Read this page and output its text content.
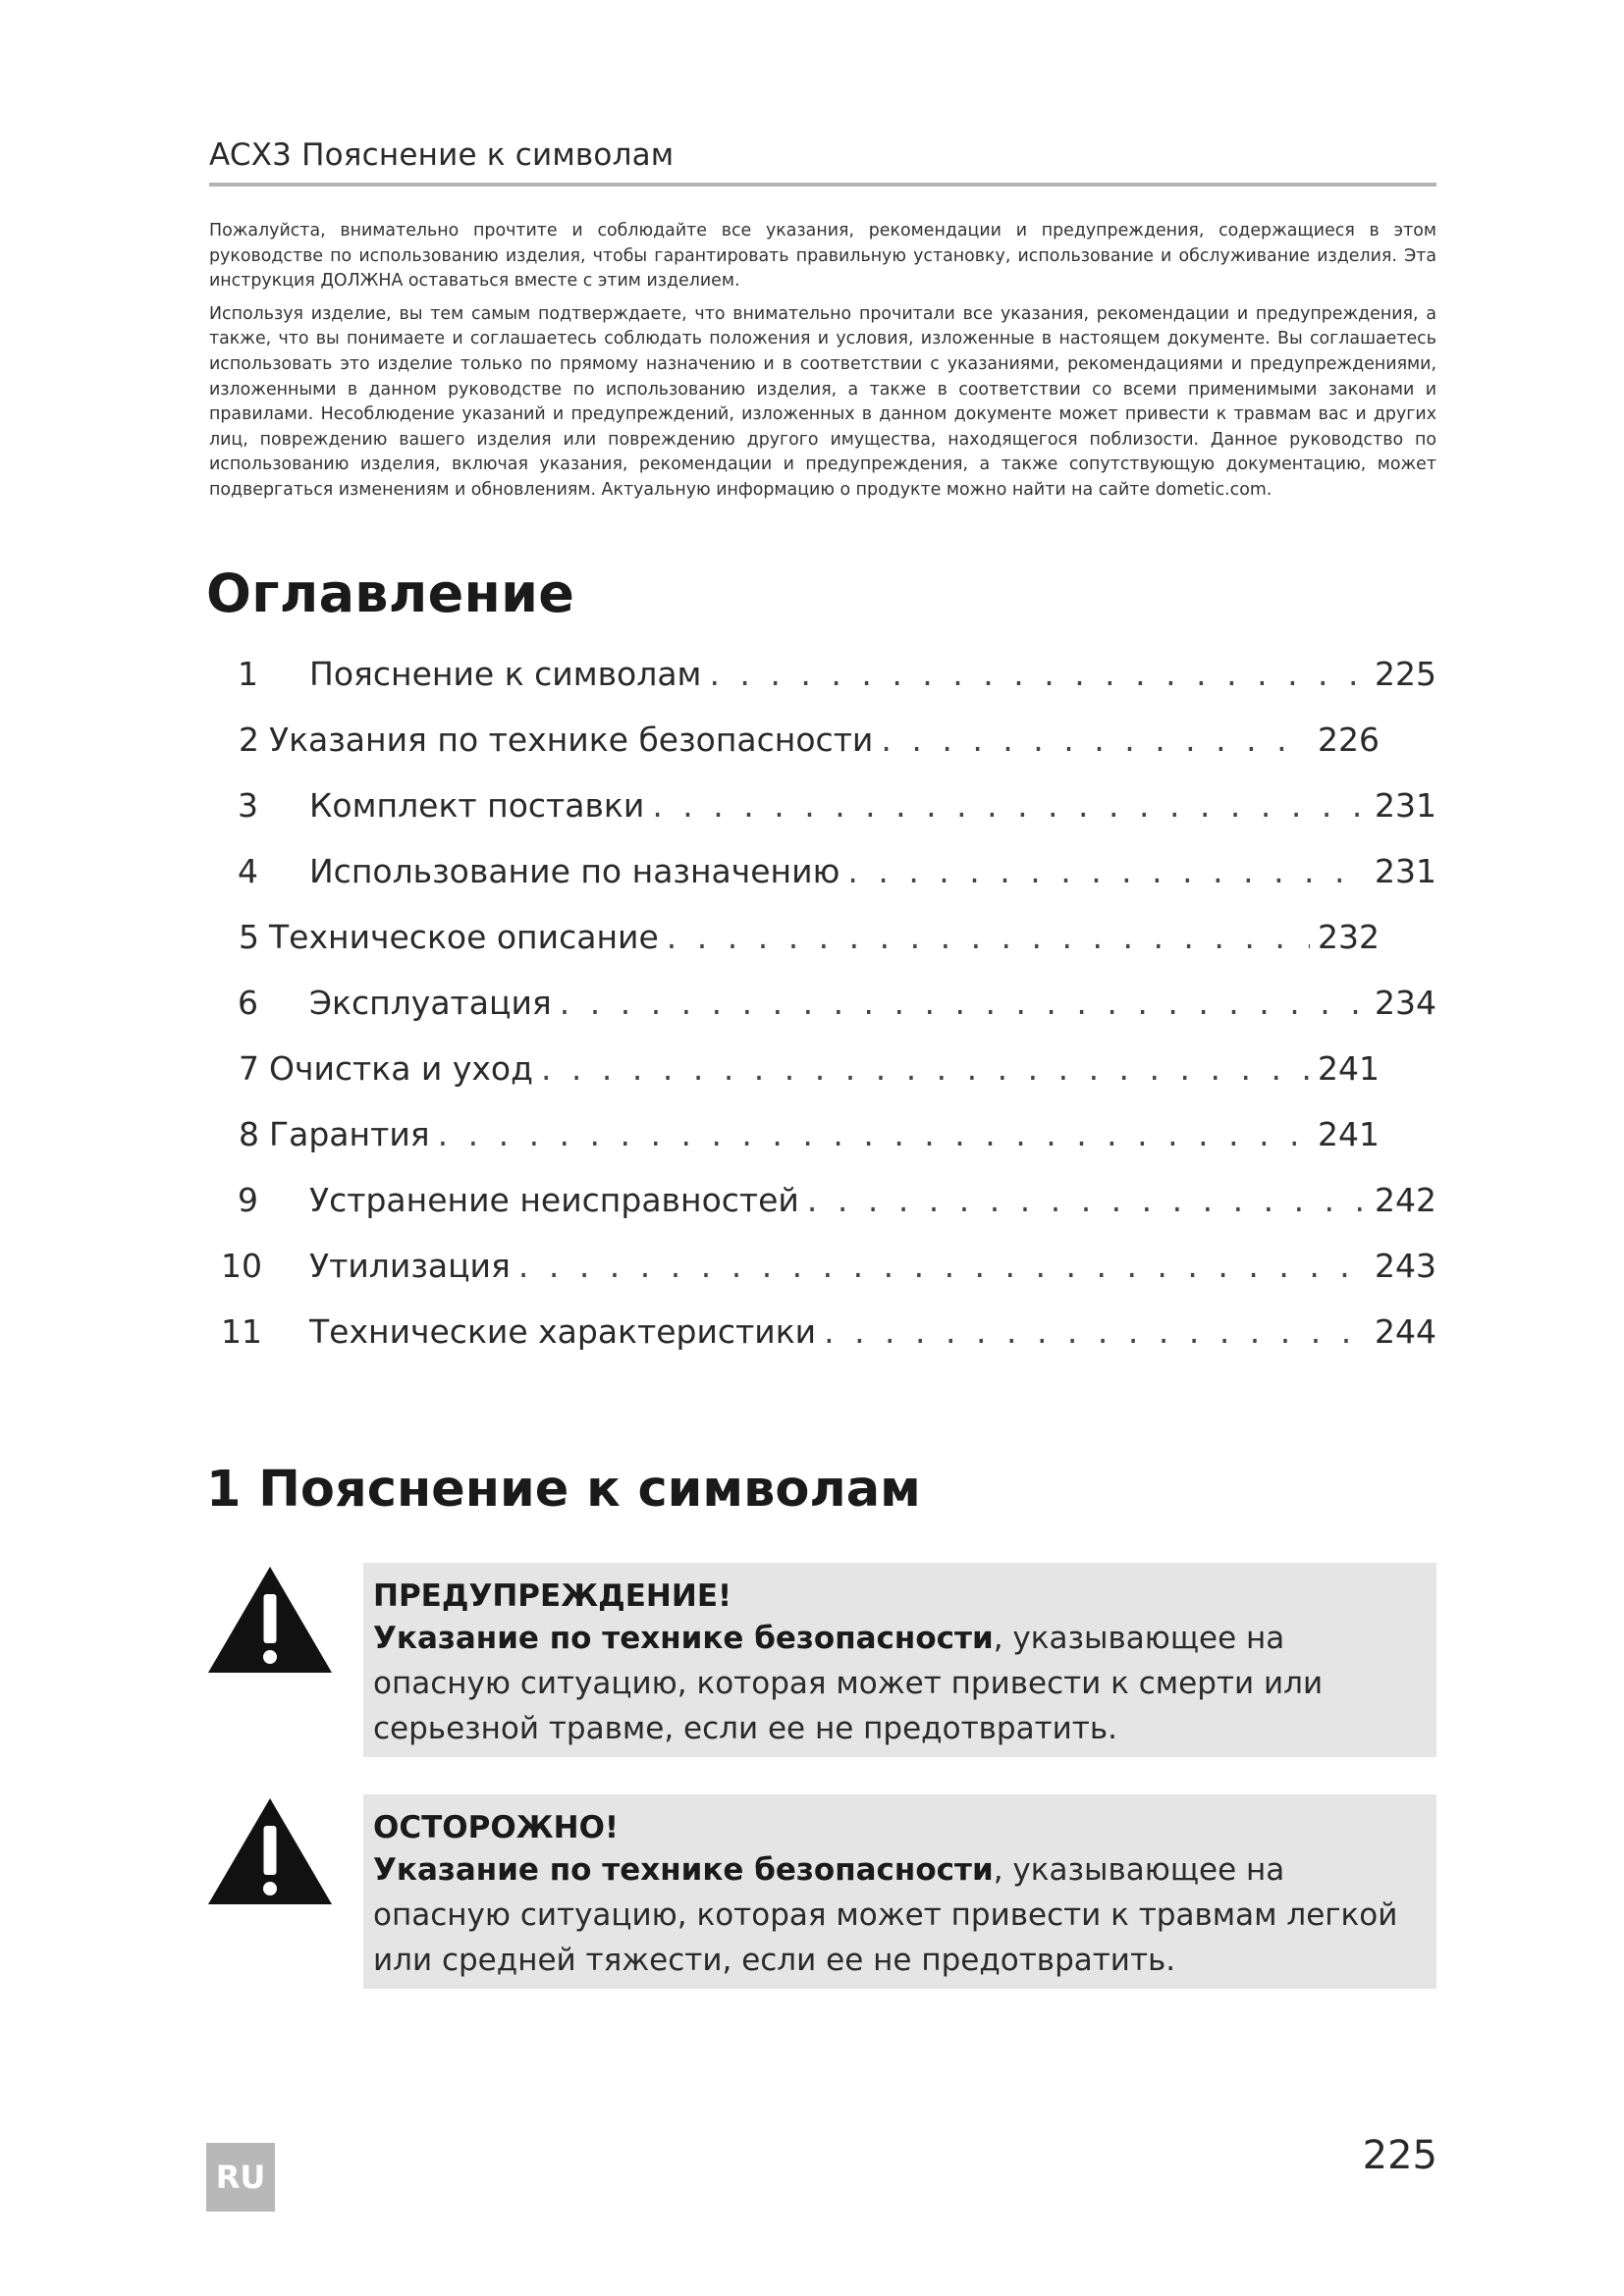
ACX3 Пояснение к символам

Пожалуйста, внимательно прочтите и соблюдайте все указания, рекомендации и предупреждения, содержащиеся в этом руководстве по использованию изделия, чтобы гарантировать правильную установку, использование и обслуживание изделия. Эта инструкция ДОЛЖНА оставаться вместе с этим изделием.

Используя изделие, вы тем самым подтверждаете, что внимательно прочитали все указания, рекомендации и предупреждения, а также, что вы понимаете и соглашаетесь соблюдать положения и условия, изложенные в настоящем документе. Вы соглашаетесь использовать это изделие только по прямому назначению и в соответствии с указаниями, рекомендациями и предупреждениями, изложенными в данном руководстве по использованию изделия, а также в соответствии со всеми применимыми законами и правилами. Несоблюдение указаний и предупреждений, изложенных в данном документе может привести к травмам вас и других лиц, повреждению вашего изделия или повреждению другого имущества, находящегося поблизости. Данное руководство по использованию изделия, включая указания, рекомендации и предупреждения, а также сопутствующую документацию, может подвергаться изменениям и обновлениям. Актуальную информацию о продукте можно найти на сайте dometic.com.

Оглавление
1 Пояснение к символам . . .	225
2 Указания по технике безопасности . . .	226
3 Комплект поставки . . .	231
4 Использование по назначению . . .	231
5 Техническое описание . . .	232
6 Эксплуатация . . .	234
7 Очистка и уход . . .	241
8 Гарантия . . .	241
9 Устранение неисправностей . . .	242
10 Утилизация . . .	243
11 Технические характеристики . . .	244
1 Пояснение к символам
ПРЕДУПРЕЖДЕНИЕ!
Указание по технике безопасности, указывающее на опасную ситуацию, которая может привести к смерти или серьезной травме, если ее не предотвратить.
ОСТОРОЖНО!
Указание по технике безопасности, указывающее на опасную ситуацию, которая может привести к травмам легкой или средней тяжести, если ее не предотвратить.
RU	225
